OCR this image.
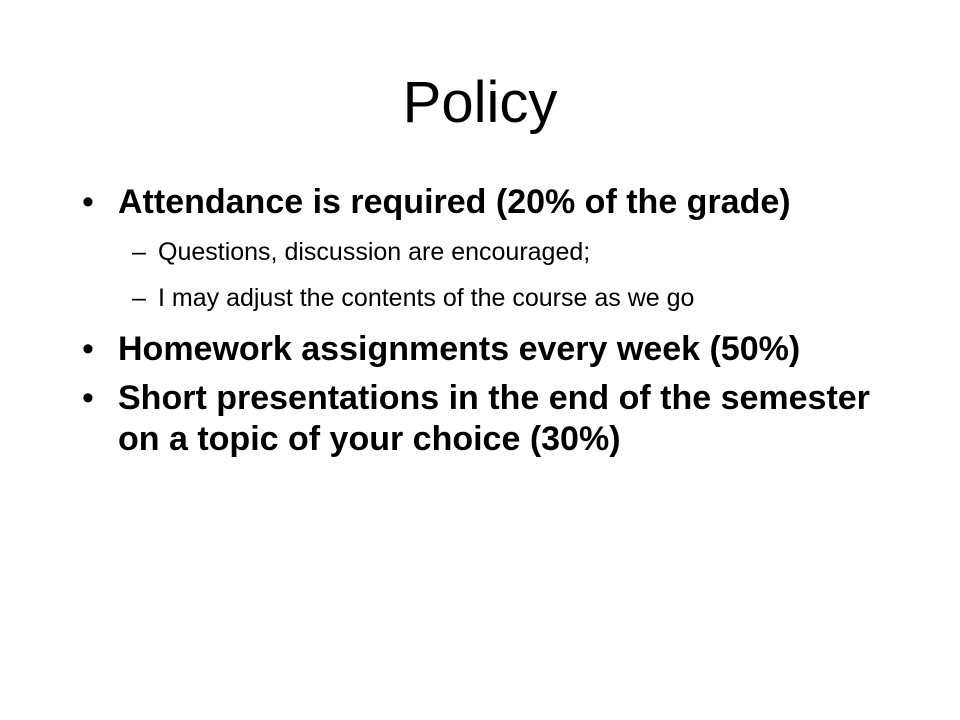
Policy
• Attendance is required (20% of the grade)
– Questions, discussion are encouraged;
– I may adjust the contents of the course as we go
• Homework assignments every week (50%)
• Short presentations in the end of the semester on a topic of your choice (30%)
